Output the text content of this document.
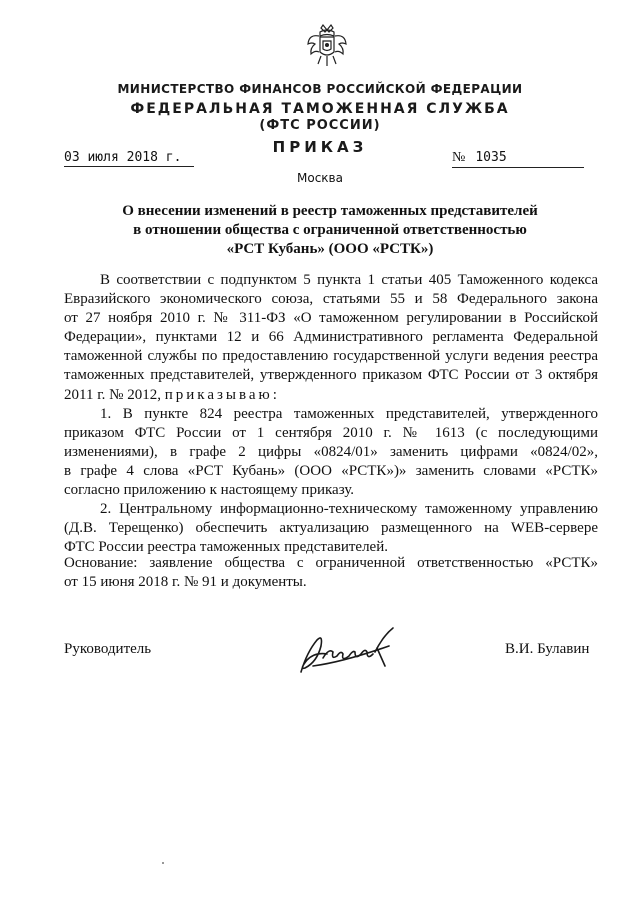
МИНИСТЕРСТВО ФИНАНСОВ РОССИЙСКОЙ ФЕДЕРАЦИИ
ФЕДЕРАЛЬНАЯ ТАМОЖЕННАЯ СЛУЖБА
(ФТС РОССИИ)
ПРИКАЗ
03 июля 2018 г.	№ 1035
Москва
О внесении изменений в реестр таможенных представителей
в отношении общества с ограниченной ответственностью
«РСТ Кубань» (ООО «РСТК»)
В соответствии с подпунктом 5 пункта 1 статьи 405 Таможенного кодекса
Евразийского экономического союза, статьями 55 и 58 Федерального закона
от 27 ноября 2010 г. № 311-ФЗ «О таможенном регулировании в Российской
Федерации», пунктами 12 и 66 Административного регламента Федеральной
таможенной службы по предоставлению государственной услуги ведения реестра
таможенных представителей, утвержденного приказом ФТС России от 3 октября
2011 г. № 2012, приказываю:
1. В пункте 824 реестра таможенных представителей, утвержденного
приказом ФТС России от 1 сентября 2010 г. № 1613 (с последующими
изменениями), в графе 2 цифры «0824/01» заменить цифрами «0824/02»,
в графе 4 слова «РСТ Кубань» (ООО «РСТК»)» заменить словами «РСТК»
согласно приложению к настоящему приказу.
2. Центральному информационно-техническому таможенному управлению
(Д.В. Терещенко) обеспечить актуализацию размещенного на WEB-сервере
ФТС России реестра таможенных представителей.
Основание: заявление общества с ограниченной ответственностью «РСТК»
от 15 июня 2018 г. № 91 и документы.
Руководитель	В.И. Булавин
